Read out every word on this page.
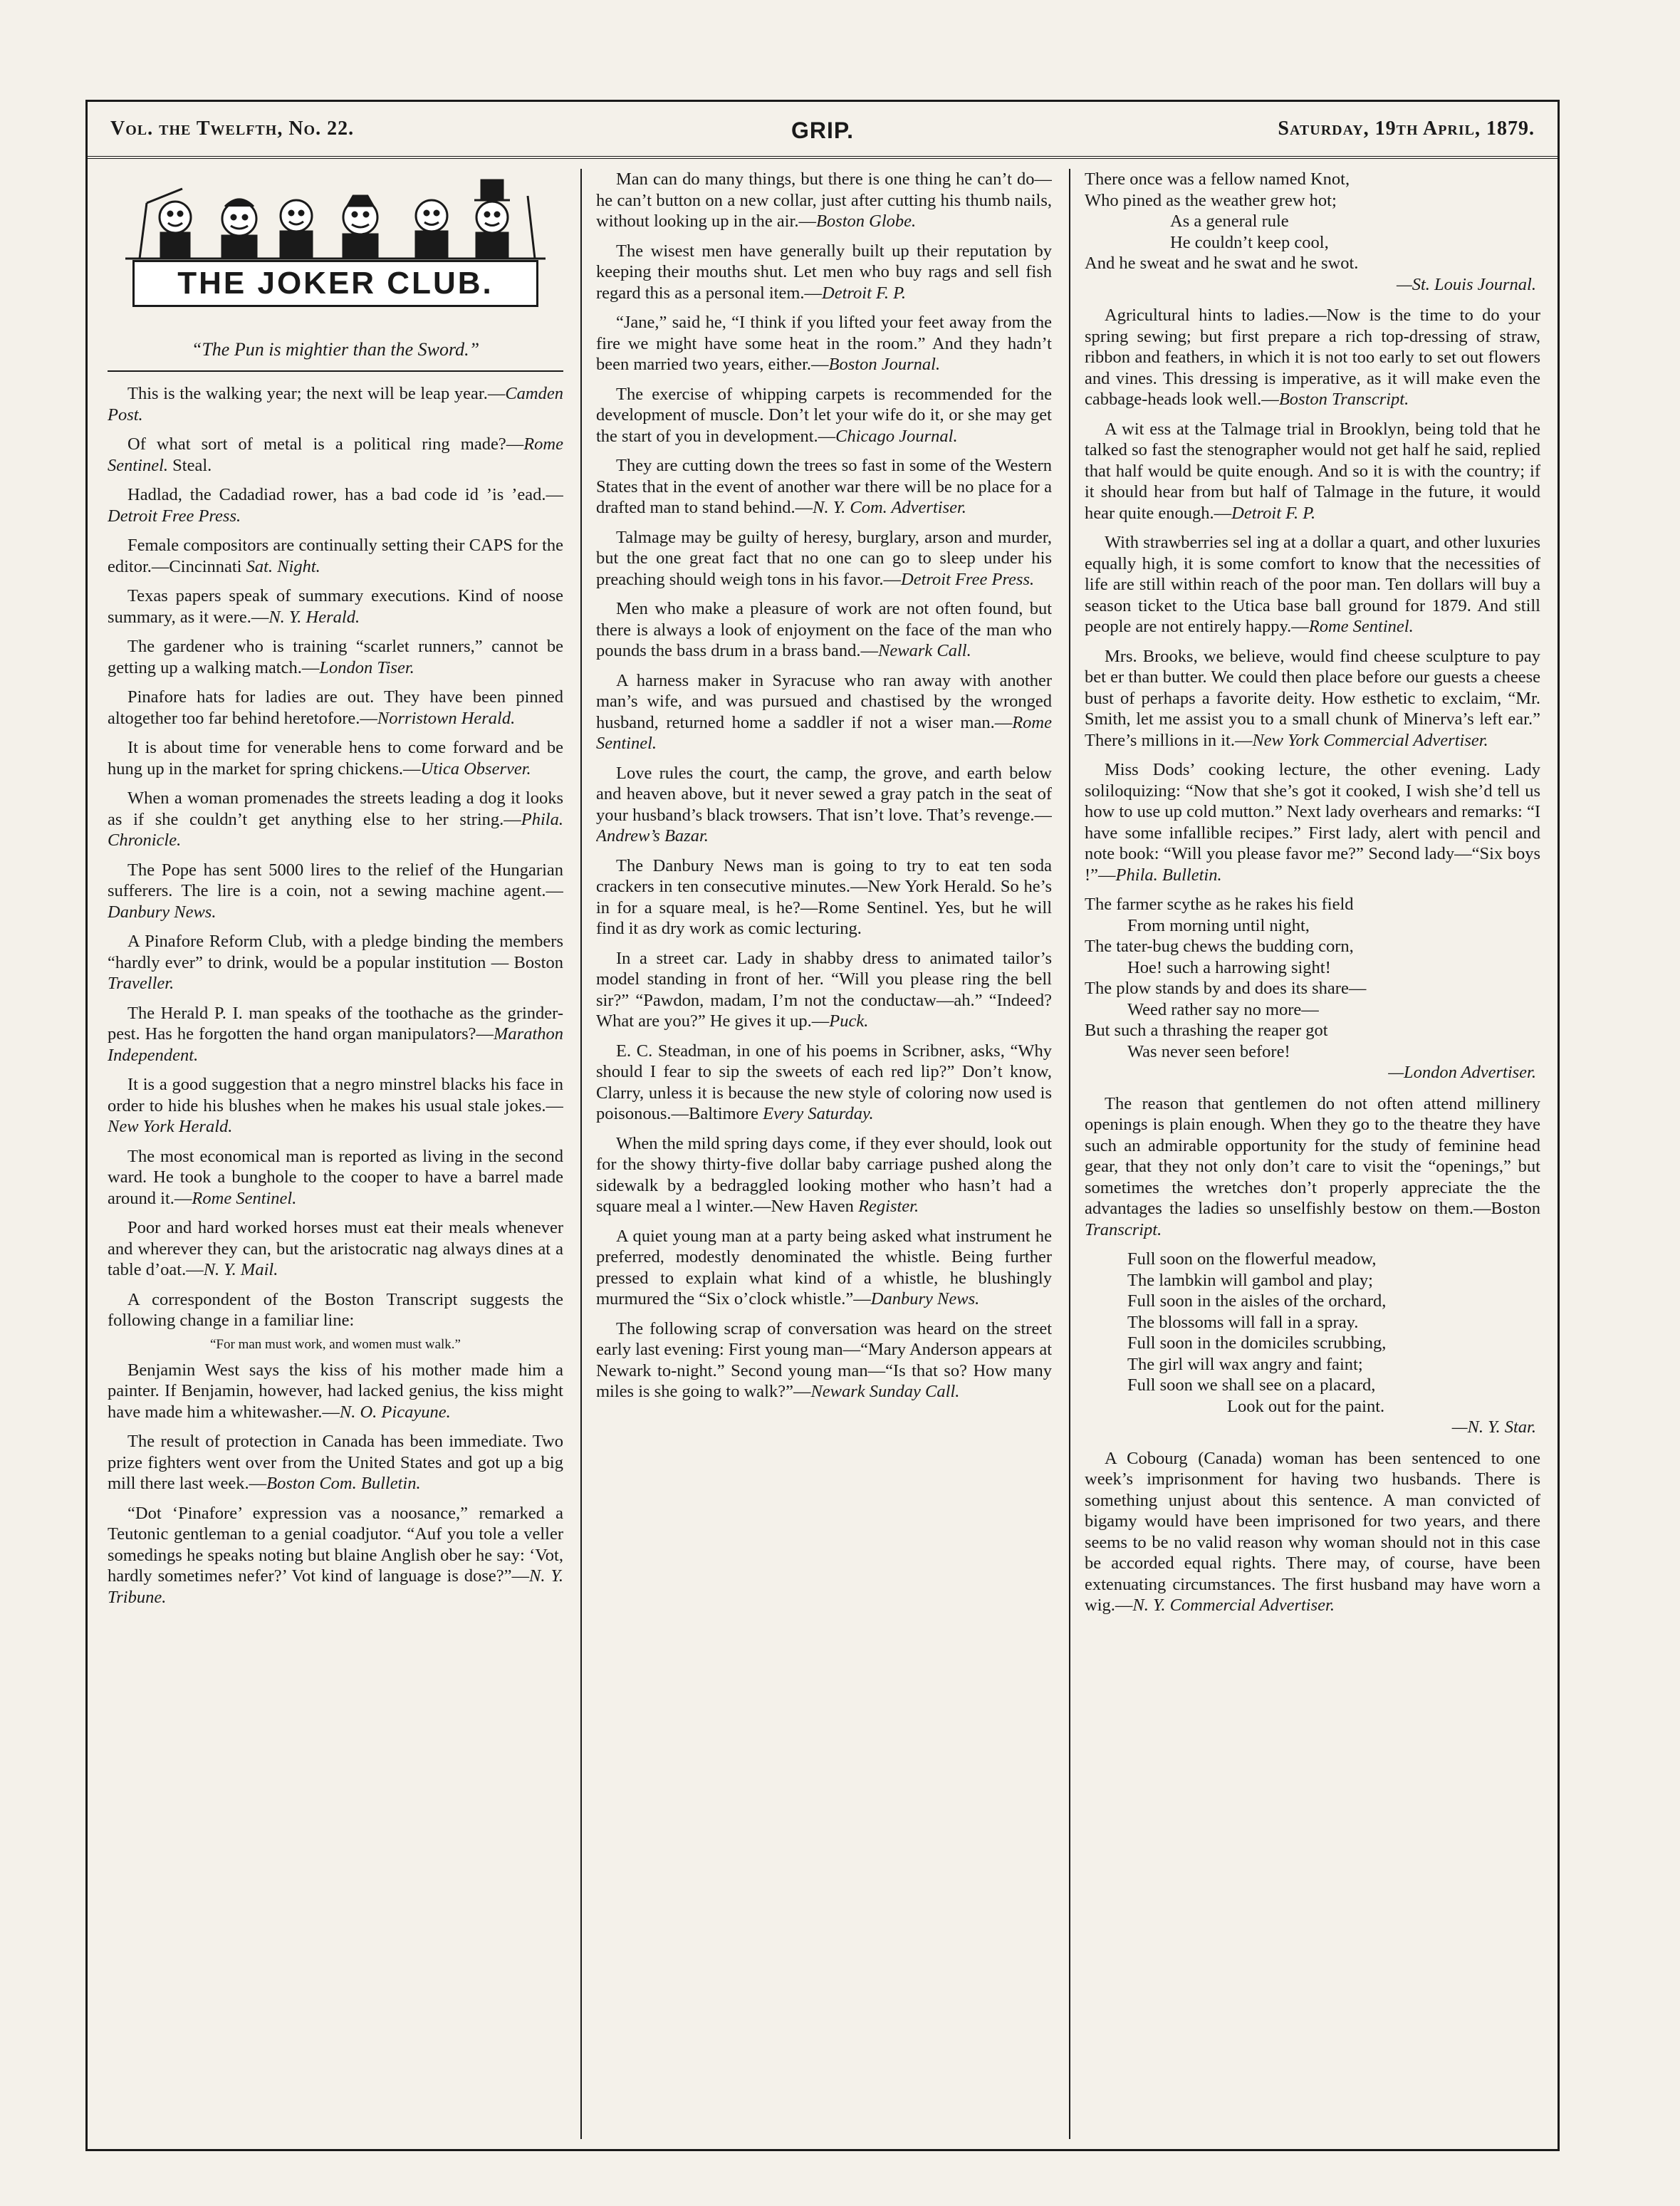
Vol. the Twelfth, No. 22.	GRIP.	Saturday, 19th April, 1879.
THE JOKER CLUB.
“The Pun is mightier than the Sword.”

This is the walking year; the next will be leap year.—Camden Post.

Of what sort of metal is a political ring made?—Rome Sentinel. Steal.

Hadlad, the Cadadiad rower, has a bad code id ’is ’ead.—Detroit Free Press.

Female compositors are continually setting their CAPS for the editor.—Cincinnati Sat. Night.

Texas papers speak of summary executions. Kind of noose summary, as it were.—N. Y. Herald.

The gardener who is training “scarlet runners,” cannot be getting up a walking match.—London Tiser.

Pinafore hats for ladies are out. They have been pinned altogether too far behind heretofore.—Norristown Herald.

It is about time for venerable hens to come forward and be hung up in the market for spring chickens.—Utica Observer.

When a woman promenades the streets leading a dog it looks as if she couldn’t get anything else to her string.—Phila. Chronicle.

The Pope has sent 5000 lires to the relief of the Hungarian sufferers. The lire is a coin, not a sewing machine agent.—Danbury News.

A Pinafore Reform Club, with a pledge binding the members “hardly ever” to drink, would be a popular institution — Boston Traveller.

The Herald P. I. man speaks of the toothache as the grinder-pest. Has he forgotten the hand organ manipulators?—Marathon Independent.

It is a good suggestion that a negro minstrel blacks his face in order to hide his blushes when he makes his usual stale jokes.—New York Herald.

The most economical man is reported as living in the second ward. He took a bunghole to the cooper to have a barrel made around it.—Rome Sentinel.

Poor and hard worked horses must eat their meals whenever and wherever they can, but the aristocratic nag always dines at a table d’oat.—N. Y. Mail.

A correspondent of the Boston Transcript suggests the following change in a familiar line:

“For man must work, and women must walk.”

Benjamin West says the kiss of his mother made him a painter. If Benjamin, however, had lacked genius, the kiss might have made him a whitewasher.—N. O. Picayune.

The result of protection in Canada has been immediate. Two prize fighters went over from the United States and got up a big mill there last week.—Boston Com. Bulletin.

“Dot ‘Pinafore’ expression vas a noosance,” remarked a Teutonic gentleman to a genial coadjutor. “Auf you tole a veller somedings he speaks noting but blaine Anglish ober he say: ‘Vot, hardly sometimes nefer?’ Vot kind of language is dose?”—N. Y. Tribune.

Man can do many things, but there is one thing he can’t do—he can’t button on a new collar, just after cutting his thumb nails, without looking up in the air.—Boston Globe.

The wisest men have generally built up their reputation by keeping their mouths shut. Let men who buy rags and sell fish regard this as a personal item.—Detroit F. P.

“Jane,” said he, “I think if you lifted your feet away from the fire we might have some heat in the room.” And they hadn’t been married two years, either.—Boston Journal.

The exercise of whipping carpets is recommended for the development of muscle. Don’t let your wife do it, or she may get the start of you in development.—Chicago Journal.

They are cutting down the trees so fast in some of the Western States that in the event of another war there will be no place for a drafted man to stand behind.—N. Y. Com. Advertiser.

Talmage may be guilty of heresy, burglary, arson and murder, but the one great fact that no one can go to sleep under his preaching should weigh tons in his favor.—Detroit Free Press.

Men who make a pleasure of work are not often found, but there is always a look of enjoyment on the face of the man who pounds the bass drum in a brass band.—Newark Call.

A harness maker in Syracuse who ran away with another man’s wife, and was pursued and chastised by the wronged husband, returned home a saddler if not a wiser man.—Rome Sentinel.

Love rules the court, the camp, the grove, and earth below and heaven above, but it never sewed a gray patch in the seat of your husband’s black trowsers. That isn’t love. That’s revenge.—Andrew’s Bazar.

The Danbury News man is going to try to eat ten soda crackers in ten consecutive minutes.—New York Herald. So he’s in for a square meal, is he?—Rome Sentinel. Yes, but he will find it as dry work as comic lecturing.

In a street car. Lady in shabby dress to animated tailor’s model standing in front of her. “Will you please ring the bell sir?” “Pawdon, madam, I’m not the conductaw—ah.” “Indeed? What are you?” He gives it up.—Puck.

E. C. Steadman, in one of his poems in Scribner, asks, “Why should I fear to sip the sweets of each red lip?” Don’t know, Clarry, unless it is because the new style of coloring now used is poisonous.—Baltimore Every Saturday.

When the mild spring days come, if they ever should, look out for the showy thirty-five dollar baby carriage pushed along the sidewalk by a bedraggled looking mother who hasn’t had a square meal a l winter.—New Haven Register.

A quiet young man at a party being asked what instrument he preferred, modestly denominated the whistle. Being further pressed to explain what kind of a whistle, he blushingly murmured the “Six o’clock whistle.”—Danbury News.

The following scrap of conversation was heard on the street early last evening: First young man—“Mary Anderson appears at Newark to-night.” Second young man—“Is that so? How many miles is she going to walk?”—Newark Sunday Call.

There once was a fellow named Knot,
Who pined as the weather grew hot;
As a general rule
He couldn’t keep cool,
And he sweat and he swat and he swot.
—St. Louis Journal.

Agricultural hints to ladies.—Now is the time to do your spring sewing; but first prepare a rich top-dressing of straw, ribbon and feathers, in which it is not too early to set out flowers and vines. This dressing is imperative, as it will make even the cabbage-heads look well.—Boston Transcript.

A wit ess at the Talmage trial in Brooklyn, being told that he talked so fast the stenographer would not get half he said, replied that half would be quite enough. And so it is with the country; if it should hear from but half of Talmage in the future, it would hear quite enough.—Detroit F. P.

With strawberries sel ing at a dollar a quart, and other luxuries equally high, it is some comfort to know that the necessities of life are still within reach of the poor man. Ten dollars will buy a season ticket to the Utica base ball ground for 1879. And still people are not entirely happy.—Rome Sentinel.

Mrs. Brooks, we believe, would find cheese sculpture to pay bet er than butter. We could then place before our guests a cheese bust of perhaps a favorite deity. How esthetic to exclaim, “Mr. Smith, let me assist you to a small chunk of Minerva’s left ear.” There’s millions in it.—New York Commercial Advertiser.

Miss Dods’ cooking lecture, the other evening. Lady soliloquizing: “Now that she’s got it cooked, I wish she’d tell us how to use up cold mutton.” Next lady overhears and remarks: “I have some infallible recipes.” First lady, alert with pencil and note book: “Will you please favor me?” Second lady—“Six boys !”—Phila. Bulletin.

The farmer scythe as he rakes his field
From morning until night,
The tater-bug chews the budding corn,
Hoe! such a harrowing sight!
The plow stands by and does its share—
Weed rather say no more—
But such a thrashing the reaper got
Was never seen before!
—London Advertiser.

The reason that gentlemen do not often attend millinery openings is plain enough. When they go to the theatre they have such an admirable opportunity for the study of feminine head gear, that they not only don’t care to visit the “openings,” but sometimes the wretches don’t properly appreciate the the advantages the ladies so unselfishly bestow on them.—Boston Transcript.

Full soon on the flowerful meadow,
The lambkin will gambol and play;
Full soon in the aisles of the orchard,
The blossoms will fall in a spray.
Full soon in the domiciles scrubbing,
The girl will wax angry and faint;
Full soon we shall see on a placard,
Look out for the paint.
—N. Y. Star.

A Cobourg (Canada) woman has been sentenced to one week’s imprisonment for having two husbands. There is something unjust about this sentence. A man convicted of bigamy would have been imprisoned for two years, and there seems to be no valid reason why woman should not in this case be accorded equal rights. There may, of course, have been extenuating circumstances. The first husband may have worn a wig.—N. Y. Commercial Advertiser.
